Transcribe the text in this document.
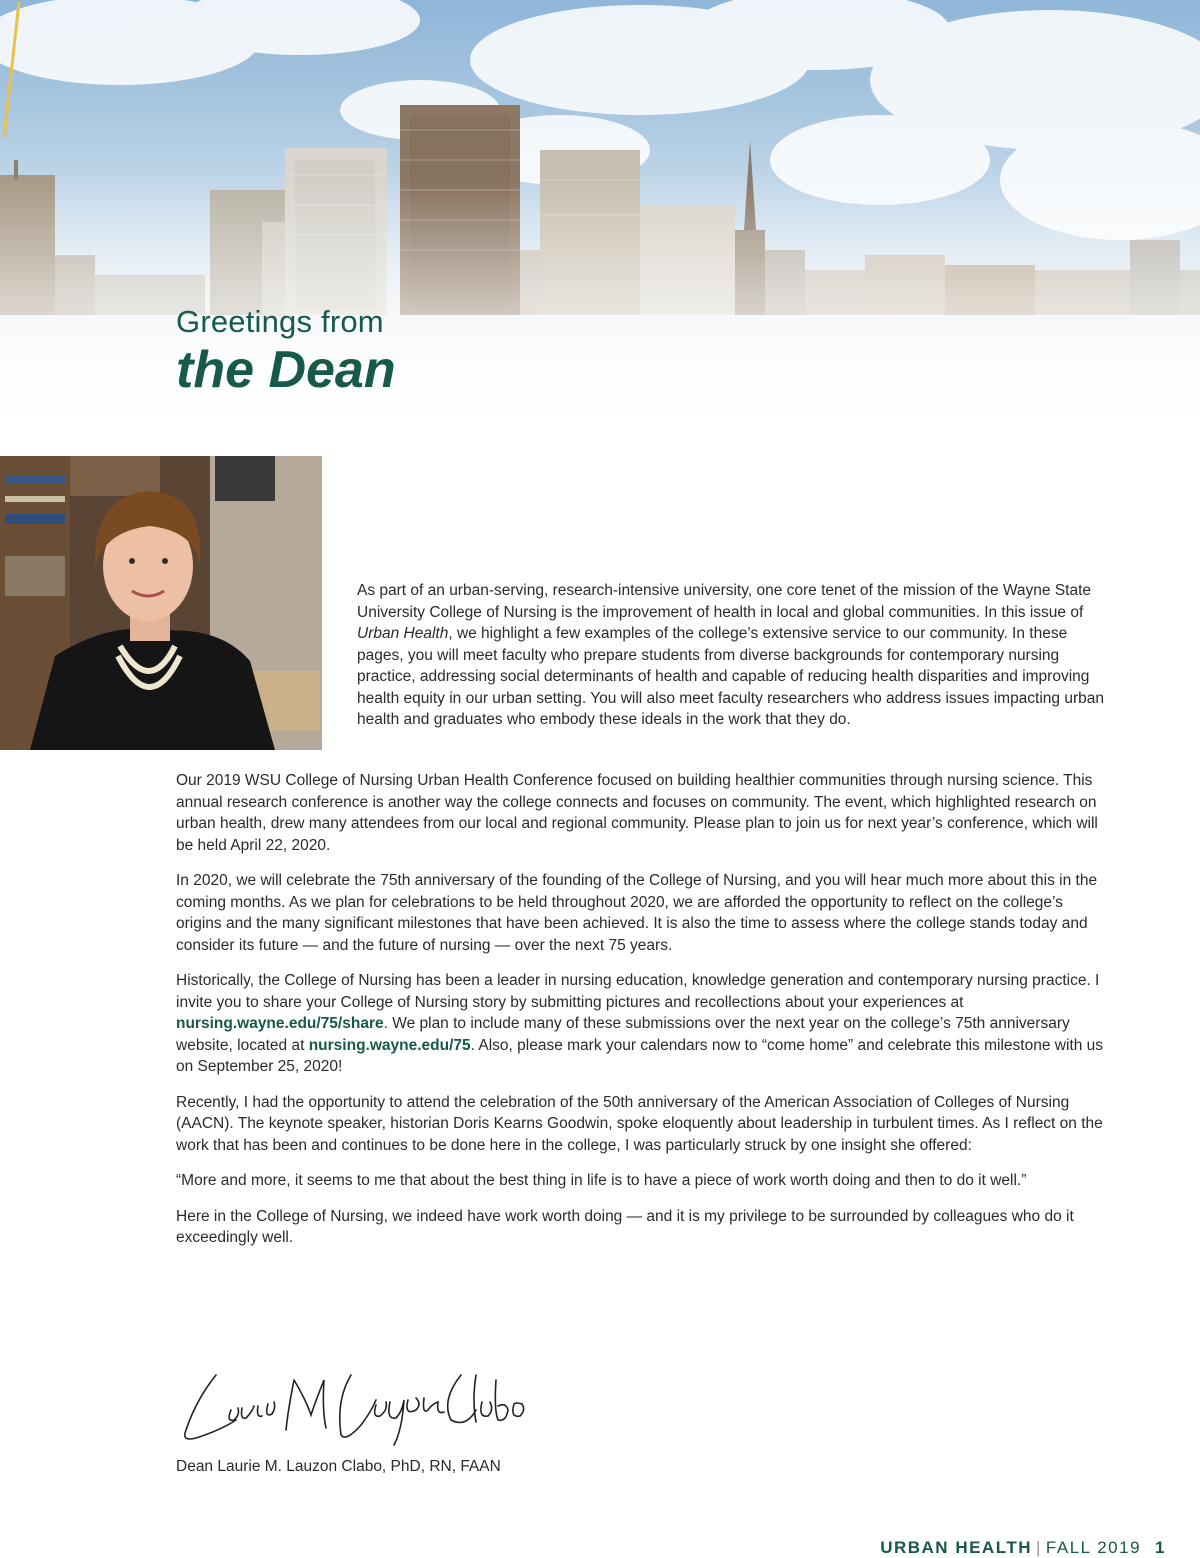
Greetings from
the Dean

As part of an urban-serving, research-intensive university, one core tenet of the mission of the Wayne State University College of Nursing is the improvement of health in local and global communities. In this issue of Urban Health, we highlight a few examples of the college’s extensive service to our community. In these pages, you will meet faculty who prepare students from diverse backgrounds for contemporary nursing practice, addressing social determinants of health and capable of reducing health disparities and improving health equity in our urban setting. You will also meet faculty researchers who address issues impacting urban health and graduates who embody these ideals in the work that they do.

Our 2019 WSU College of Nursing Urban Health Conference focused on building healthier communities through nursing science. This annual research conference is another way the college connects and focuses on community. The event, which highlighted research on urban health, drew many attendees from our local and regional community. Please plan to join us for next year’s conference, which will be held April 22, 2020.

In 2020, we will celebrate the 75th anniversary of the founding of the College of Nursing, and you will hear much more about this in the coming months. As we plan for celebrations to be held throughout 2020, we are afforded the opportunity to reflect on the college’s origins and the many significant milestones that have been achieved. It is also the time to assess where the college stands today and consider its future — and the future of nursing — over the next 75 years.

Historically, the College of Nursing has been a leader in nursing education, knowledge generation and contemporary nursing practice. I invite you to share your College of Nursing story by submitting pictures and recollections about your experiences at nursing.wayne.edu/75/share. We plan to include many of these submissions over the next year on the college’s 75th anniversary website, located at nursing.wayne.edu/75. Also, please mark your calendars now to “come home” and celebrate this milestone with us on September 25, 2020!

Recently, I had the opportunity to attend the celebration of the 50th anniversary of the American Association of Colleges of Nursing (AACN). The keynote speaker, historian Doris Kearns Goodwin, spoke eloquently about leadership in turbulent times. As I reflect on the work that has been and continues to be done here in the college, I was particularly struck by one insight she offered:

“More and more, it seems to me that about the best thing in life is to have a piece of work worth doing and then to do it well.”

Here in the College of Nursing, we indeed have work worth doing — and it is my privilege to be surrounded by colleagues who do it exceedingly well.

Dean Laurie M. Lauzon Clabo, PhD, RN, FAAN
URBAN HEALTH | FALL 2019 1
